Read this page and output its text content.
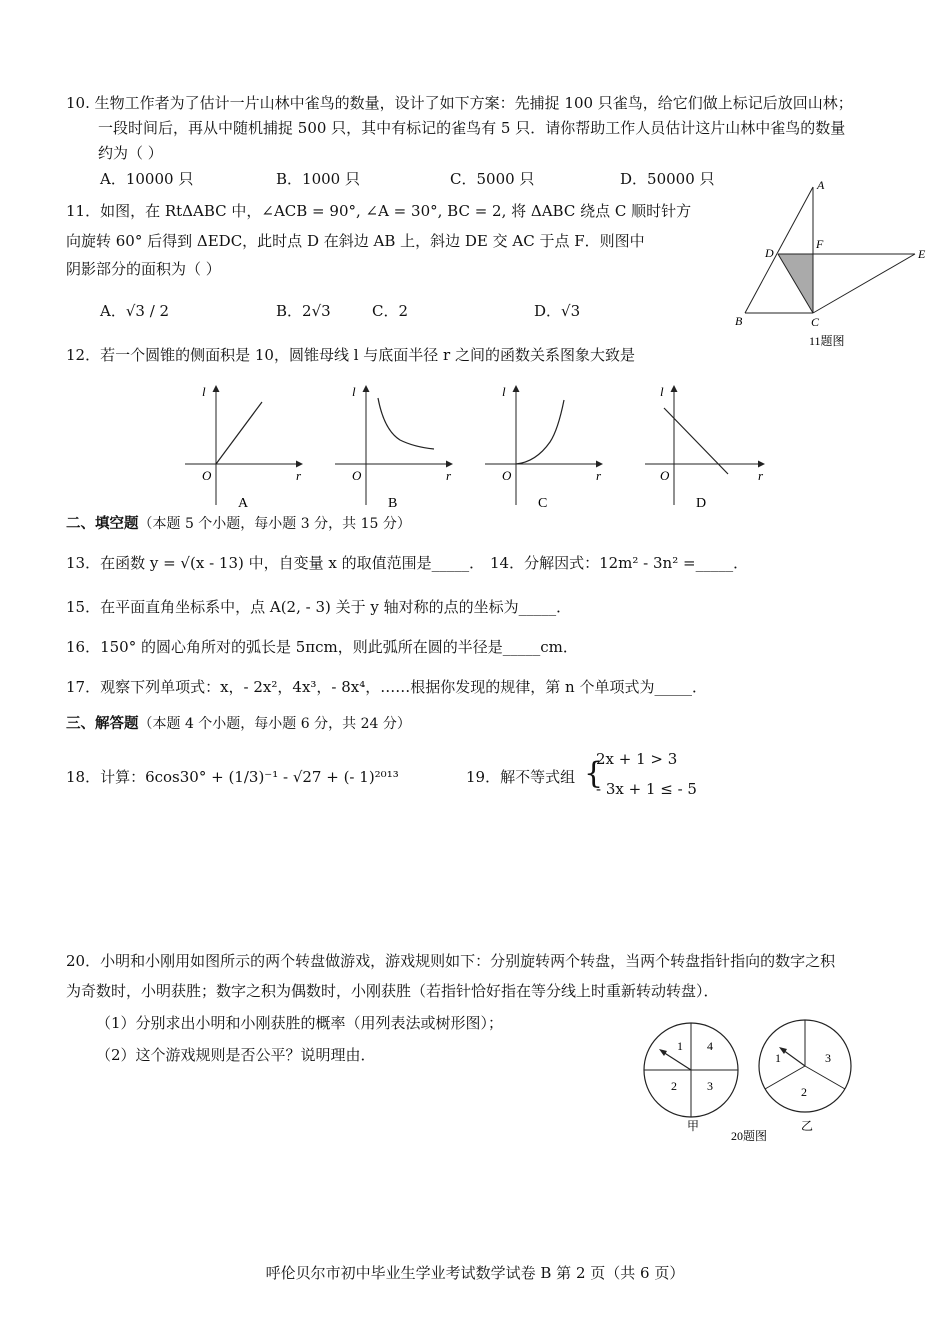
10. 生物工作者为了估计一片山林中雀鸟的数量，设计了如下方案：先捕捉 100 只雀鸟，给它们做上标记后放回山林；
一段时间后，再从中随机捕捉 500 只，其中有标记的雀鸟有 5 只．请你帮助工作人员估计这片山林中雀鸟的数量
约为（ ）
A．10000 只	B．1000 只	C．5000 只	D．50000 只
11．如图，在 RtΔABC 中，∠ACB = 90°, ∠A = 30°, BC = 2, 将 ΔABC 绕点 C 顺时针方
向旋转 60° 后得到 ΔEDC，此时点 D 在斜边 AB 上，斜边 DE 交 AC 于点 F．则图中
阴影部分的面积为（ ）
A．√3 / 2	B．2√3	C．2	D．√3
A
D
F
E
B	C
11题图
12．若一个圆锥的侧面积是 10，圆锥母线 l 与底面半径 r 之间的函数关系图象大致是
l
r
O
A
l
r
O
B
l
r
O
C
l
r
O
D
二、填空题（本题 5 个小题，每小题 3 分，共 15 分）
13．在函数 y = √(x - 13) 中，自变量 x 的取值范围是_____． 14．分解因式：12m² - 3n² =_____．
15．在平面直角坐标系中，点 A(2, - 3) 关于 y 轴对称的点的坐标为_____．
16．150° 的圆心角所对的弧长是 5πcm，则此弧所在圆的半径是_____cm．
17．观察下列单项式：x，- 2x²，4x³，- 8x⁴，……根据你发现的规律，第 n 个单项式为_____．
三、解答题（本题 4 个小题，每小题 6 分，共 24 分）
18．计算：6cos30° + (1/3)⁻¹ - √27 + (- 1)²⁰¹³	19．解不等式组 {
2x + 1 > 3
- 3x + 1 ≤ - 5
20．小明和小刚用如图所示的两个转盘做游戏，游戏规则如下：分别旋转两个转盘，当两个转盘指针指向的数字之积
为奇数时，小明获胜；数字之积为偶数时，小刚获胜（若指针恰好指在等分线上时重新转动转盘）．
（1）分别求出小明和小刚获胜的概率（用列表法或树形图）；
（2）这个游戏规则是否公平？说明理由．	1 4
2	3
甲
1	3
2
乙
20题图
呼伦贝尔市初中毕业生学业考试数学试卷 B 第 2 页（共 6 页）
